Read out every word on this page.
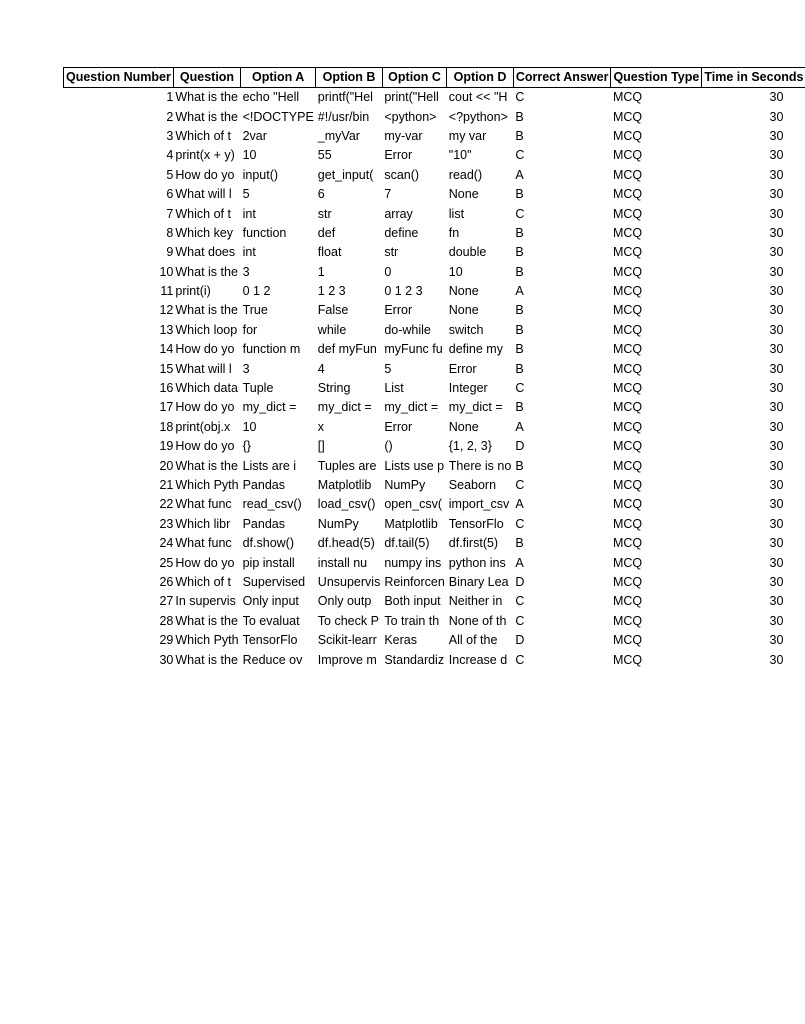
Question Number	Question	Option A	Option B	Option C	Option D	Correct Answer	Question Type	Time in Seconds
1	What is the	echo "Hell	printf("Hel	print("Hell	cout << "H	C	MCQ	30
2	What is the	<!DOCTYPE	#!/usr/bin	<python>	<?python>	B	MCQ	30
3	Which of t	2var	_myVar	my-var	my var	B	MCQ	30
4	print(x + y)	10	55	Error	"10"	C	MCQ	30
5	How do yo	input()	get_input(	scan()	read()	A	MCQ	30
6	What will l	5	6	7	None	B	MCQ	30
7	Which of t	int	str	array	list	C	MCQ	30
8	Which key	function	def	define	fn	B	MCQ	30
9	What does	int	float	str	double	B	MCQ	30
10	What is the	3	1	0	10	B	MCQ	30
11	print(i)	0 1 2	1 2 3	0 1 2 3	None	A	MCQ	30
12	What is the	True	False	Error	None	B	MCQ	30
13	Which loop	for	while	do-while	switch	B	MCQ	30
14	How do yo	function m	def myFun	myFunc fu	define my	B	MCQ	30
15	What will l	3	4	5	Error	B	MCQ	30
16	Which data	Tuple	String	List	Integer	C	MCQ	30
17	How do yo	my_dict =	my_dict =	my_dict =	my_dict =	B	MCQ	30
18	print(obj.x	10	x	Error	None	A	MCQ	30
19	How do yo	{}	[]	()	{1, 2, 3}	D	MCQ	30
20	What is the	Lists are i	Tuples are	Lists use p	There is no	B	MCQ	30
21	Which Pyth	Pandas	Matplotlib	NumPy	Seaborn	C	MCQ	30
22	What func	read_csv()	load_csv()	open_csv(	import_csv	A	MCQ	30
23	Which libr	Pandas	NumPy	Matplotlib	TensorFlo	C	MCQ	30
24	What func	df.show()	df.head(5)	df.tail(5)	df.first(5)	B	MCQ	30
25	How do yo	pip install	install nu	numpy ins	python ins	A	MCQ	30
26	Which of t	Supervised	Unsupervis	Reinforcen	Binary Lea	D	MCQ	30
27	In supervis	Only input	Only outp	Both input	Neither in	C	MCQ	30
28	What is the	To evaluat	To check P	To train th	None of th	C	MCQ	30
29	Which Pyth	TensorFlo	Scikit-learr	Keras	All of the	D	MCQ	30
30	What is the	Reduce ov	Improve m	Standardiz	Increase d	C	MCQ	30
